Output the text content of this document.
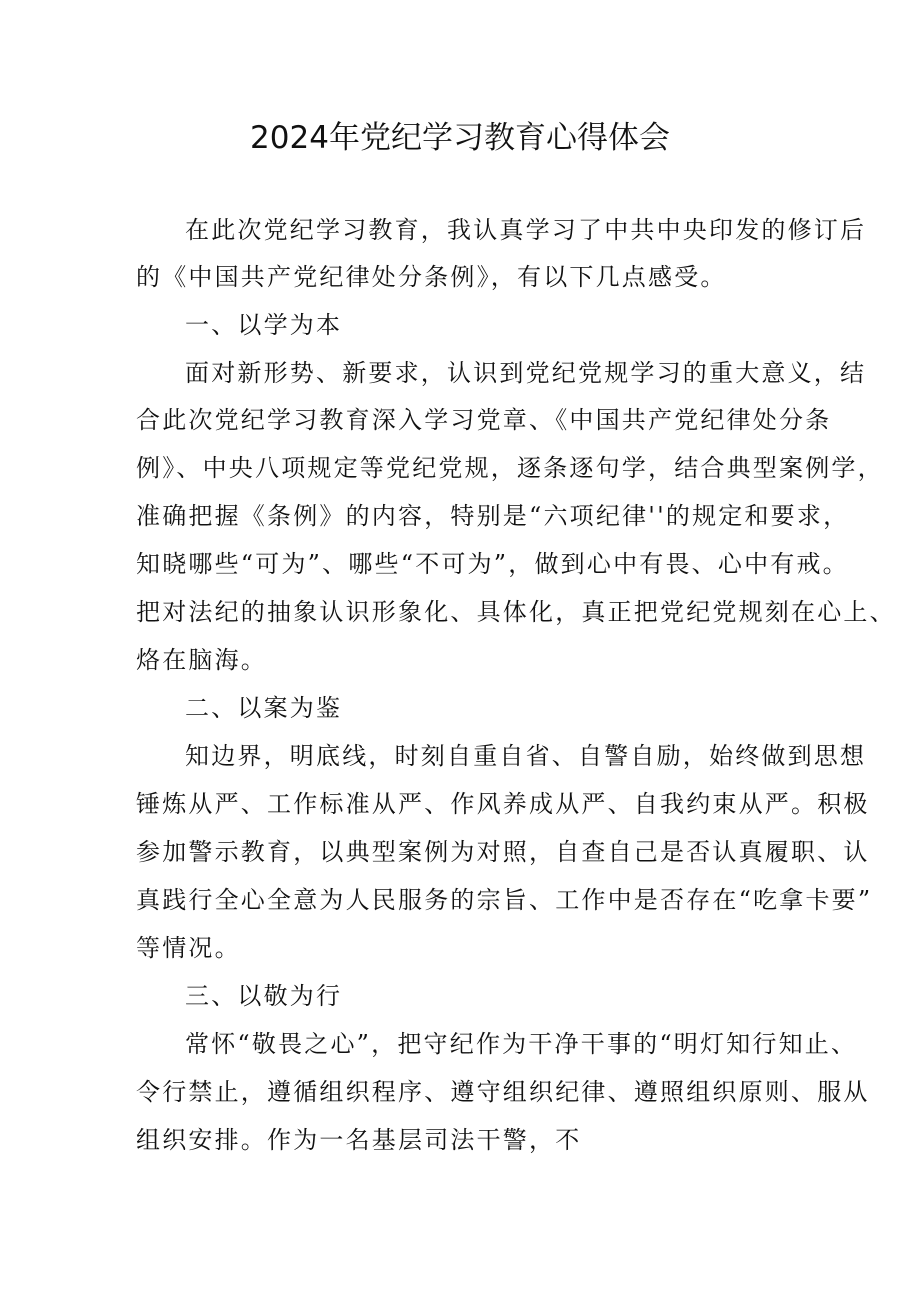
2024年党纪学习教育心得体会
在此次党纪学习教育，我认真学习了中共中央印发的修订后
的《中国共产党纪律处分条例》，有以下几点感受。
一、以学为本
面对新形势、新要求，认识到党纪党规学习的重大意义，结
合此次党纪学习教育深入学习党章、《中国共产党纪律处分条
例》、中央八项规定等党纪党规，逐条逐句学，结合典型案例学，
准确把握《条例》的内容，特别是“六项纪律''的规定和要求，
知晓哪些“可为”、哪些“不可为”，做到心中有畏、心中有戒。
把对法纪的抽象认识形象化、具体化，真正把党纪党规刻在心上、
烙在脑海。
二、以案为鉴
知边界，明底线，时刻自重自省、自警自励，始终做到思想
锤炼从严、工作标准从严、作风养成从严、自我约束从严。积极
参加警示教育，以典型案例为对照，自查自己是否认真履职、认
真践行全心全意为人民服务的宗旨、工作中是否存在“吃拿卡要”
等情况。
三、以敬为行
常怀“敬畏之心”，把守纪作为干净干事的“明灯知行知止、
令行禁止，遵循组织程序、遵守组织纪律、遵照组织原则、服从
组织安排。作为一名基层司法干警，不
